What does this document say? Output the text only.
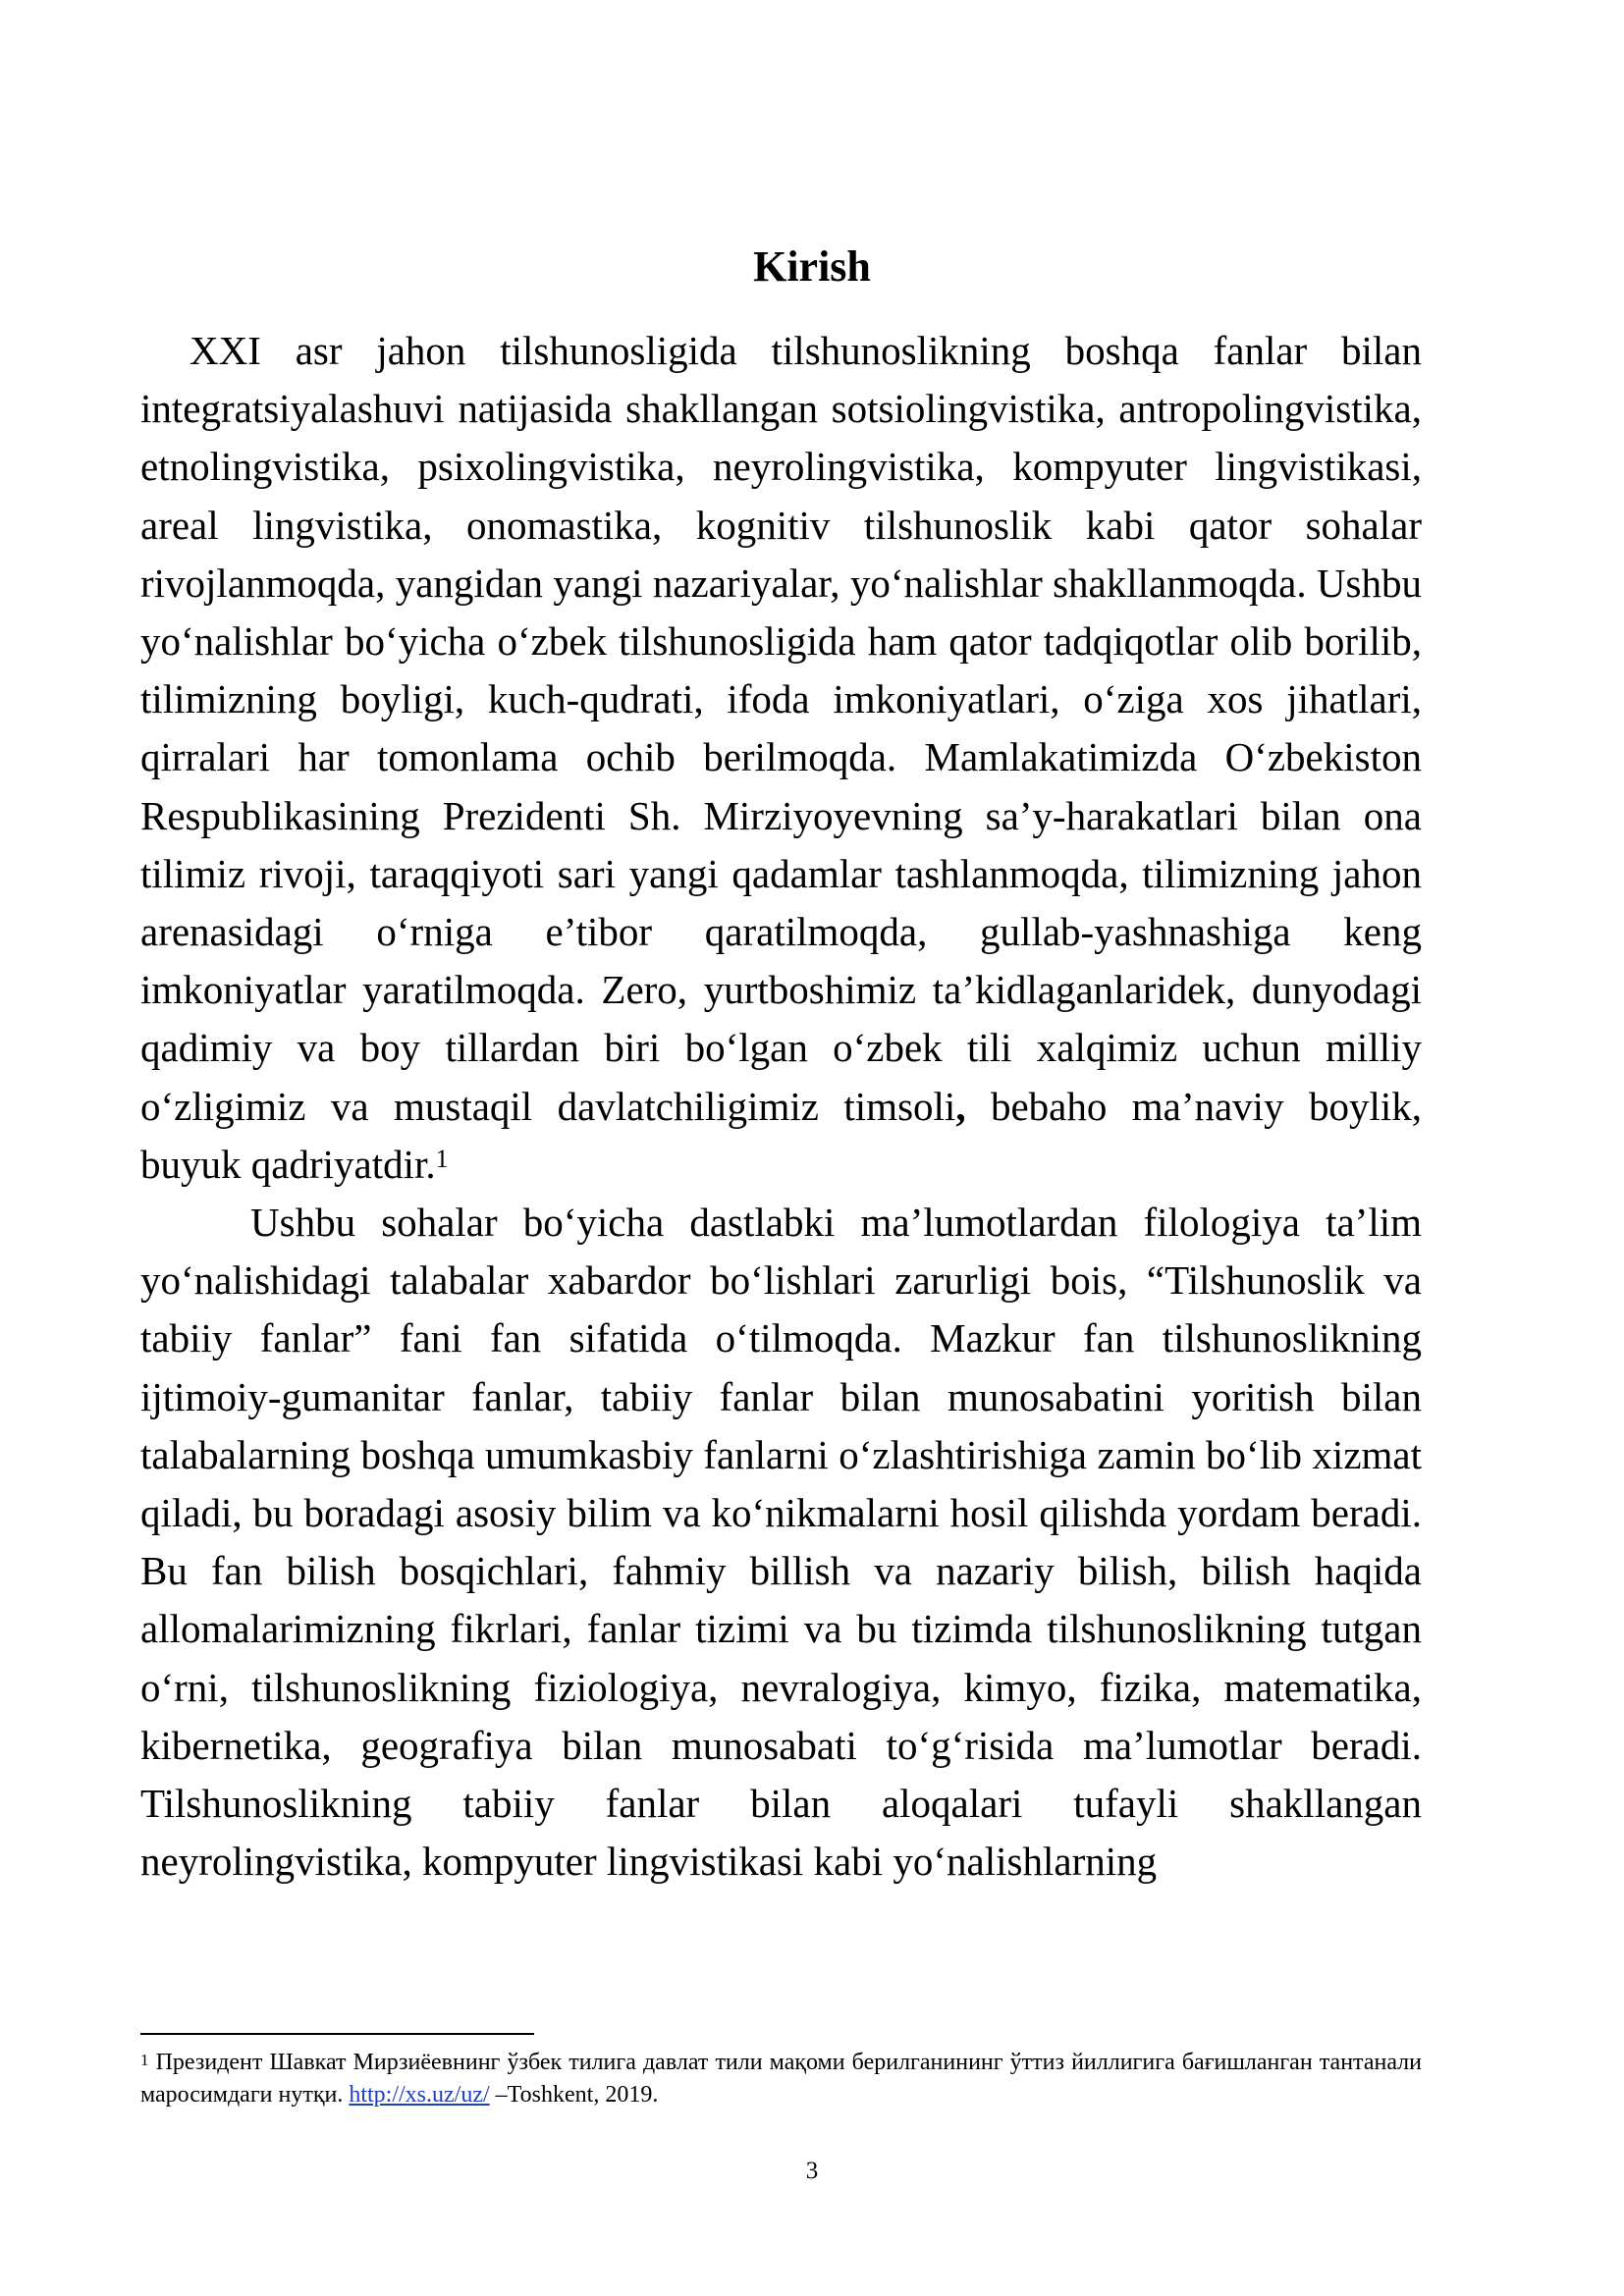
Kirish

XXI asr jahon tilshunosligida tilshunoslikning boshqa fanlar bilan integratsiyalashuvi natijasida shakllangan sotsiolingvistika, antropolingvistika, etnolingvistika, psixolingvistika, neyrolingvistika, kompyuter lingvistikasi, areal lingvistika, onomastika, kognitiv tilshunoslik kabi qator sohalar rivojlanmoqda, yangidan yangi nazariyalar, yo‘nalishlar shakllanmoqda. Ushbu yo‘nalishlar bo‘yicha o‘zbek tilshunosligida ham qator tadqiqotlar olib borilib, tilimizning boyligi, kuch-qudrati, ifoda imkoniyatlari, o‘ziga xos jihatlari, qirralari har tomonlama ochib berilmoqda. Mamlakatimizda O‘zbekiston Respublikasining Prezidenti Sh. Mirziyoyevning sa’y-harakatlari bilan ona tilimiz rivoji, taraqqiyoti sari yangi qadamlar tashlanmoqda, tilimizning jahon arenasidagi o‘rniga e’tibor qaratilmoqda, gullab-yashnashiga keng imkoniyatlar yaratilmoqda. Zero, yurtboshimiz ta’kidlaganlaridek, dunyodagi qadimiy va boy tillardan biri bo‘lgan o‘zbek tili xalqimiz uchun milliy o‘zligimiz va mustaqil davlatchiligimiz timsoli, bebaho ma’naviy boylik, buyuk qadriyatdir.$^1$

Ushbu sohalar bo‘yicha dastlabki ma’lumotlardan filologiya ta’lim yo‘nalishidagi talabalar xabardor bo‘lishlari zarurligi bois, “Tilshunoslik va tabiiy fanlar” fani fan sifatida o‘tilmoqda. Mazkur fan tilshunoslikning ijtimoiy-gumanitar fanlar, tabiiy fanlar bilan munosabatini yoritish bilan talabalarning boshqa umumkasbiy fanlarni o‘zlashtirishiga zamin bo‘lib xizmat qiladi, bu boradagi asosiy bilim va ko‘nikmalarni hosil qilishda yordam beradi. Bu fan bilish bosqichlari, fahmiy billish va nazariy bilish, bilish haqida allomalarimizning fikrlari, fanlar tizimi va bu tizimda tilshunoslikning tutgan o‘rni, tilshunoslikning fiziologiya, nevralogiya, kimyo, fizika, matematika, kibernetika, geografiya bilan munosabati to‘g‘risida ma’lumotlar beradi. Tilshunoslikning tabiiy fanlar bilan aloqalari tufayli shakllangan neyrolingvistika, kompyuter lingvistikasi kabi yo‘nalishlarning

$^1$ Президент Шавкат Мирзиёевнинг ўзбек тилига давлат тили мақоми берилганининг ўттиз йиллигига бағишланган тантанали маросимдаги нутқи. http://xs.uz/uz/ –Toshkent, 2019.
3
